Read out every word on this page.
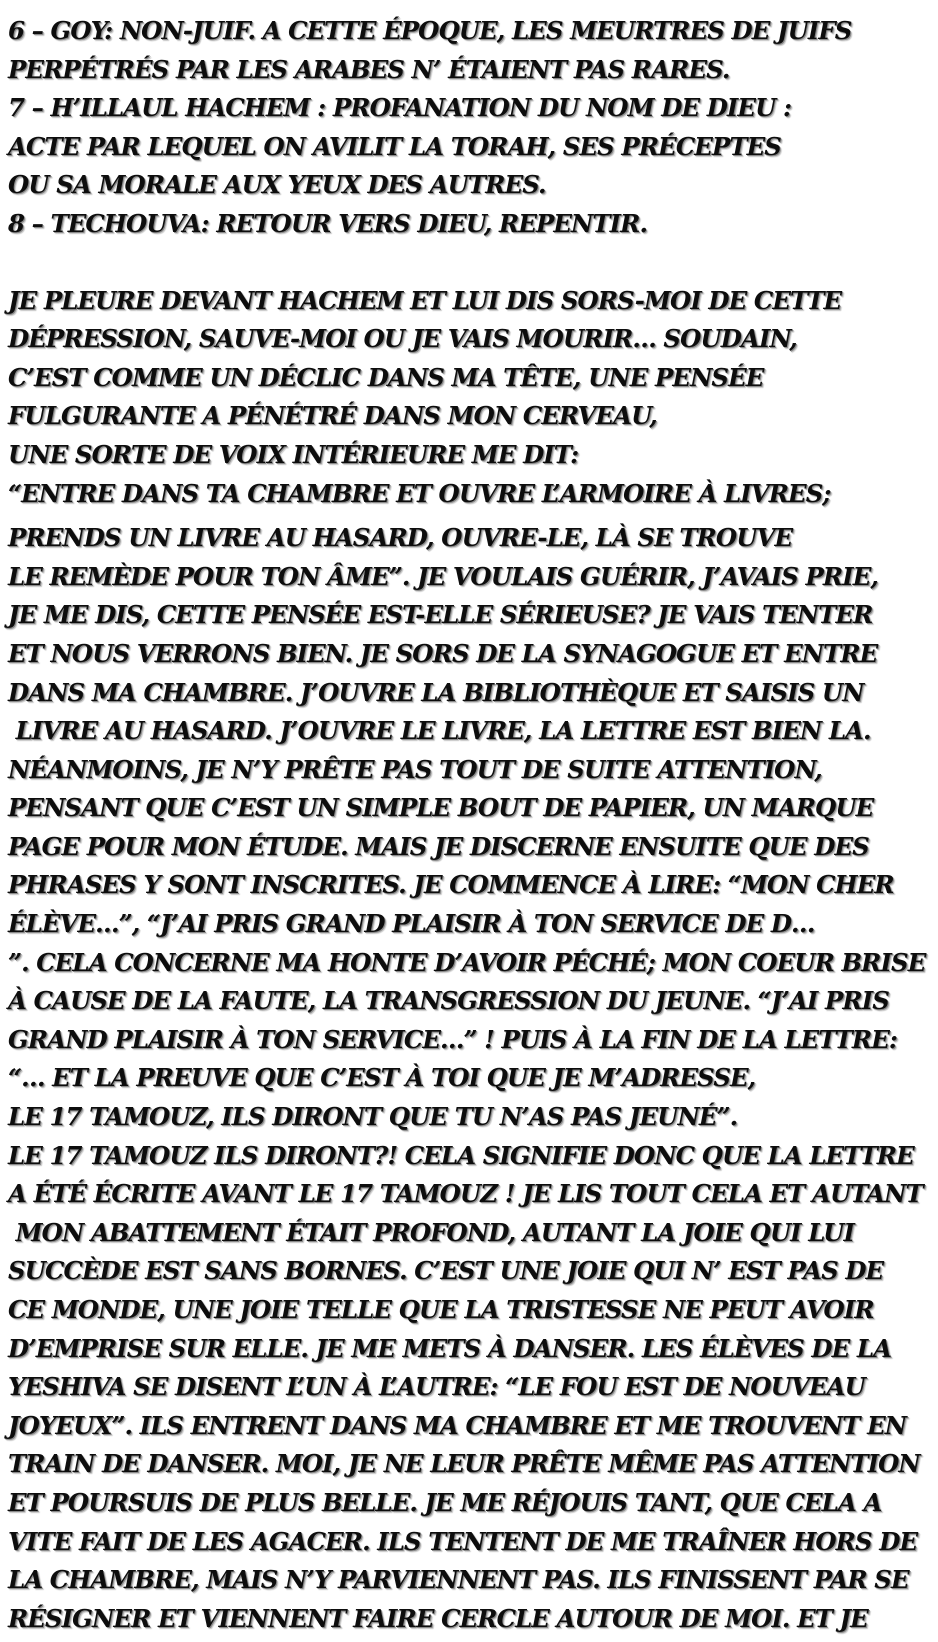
6 – GOY: NON-JUIF. A CETTE ÉPOQUE, LES MEURTRES DE JUIFS
PERPÉTRÉS PAR LES ARABES N’ ÉTAIENT PAS RARES.
7 – H’ILLAUL HACHEM : PROFANATION DU NOM DE DIEU :
ACTE PAR LEQUEL ON AVILIT LA TORAH, SES PRÉCEPTES
OU SA MORALE AUX YEUX DES AUTRES.
8 – TECHOUVA: RETOUR VERS DIEU, REPENTIR.
JE PLEURE DEVANT HACHEM ET LUI DIS SORS-MOI DE CETTE
DÉPRESSION, SAUVE-MOI OU JE VAIS MOURIR… SOUDAIN,
C’EST COMME UN DÉCLIC DANS MA TÊTE, UNE PENSÉE
FULGURANTE A PÉNÉTRÉ DANS MON CERVEAU,
UNE SORTE DE VOIX INTÉRIEURE ME DIT:
“ENTRE DANS TA CHAMBRE ET OUVRE L’ARMOIRE À LIVRES;
PRENDS UN LIVRE AU HASARD, OUVRE-LE, LÀ SE TROUVE
LE REMÈDE POUR TON ÂME”. JE VOULAIS GUÉRIR, J’AVAIS PRIE,
JE ME DIS, CETTE PENSÉE EST-ELLE SÉRIEUSE? JE VAIS TENTER
ET NOUS VERRONS BIEN. JE SORS DE LA SYNAGOGUE ET ENTRE
DANS MA CHAMBRE. J’OUVRE LA BIBLIOTHÈQUE ET SAISIS UN
LIVRE AU HASARD. J’OUVRE LE LIVRE, LA LETTRE EST BIEN LA.
NÉANMOINS, JE N’Y PRÊTE PAS TOUT DE SUITE ATTENTION,
PENSANT QUE C’EST UN SIMPLE BOUT DE PAPIER, UN MARQUE
PAGE POUR MON ÉTUDE. MAIS JE DISCERNE ENSUITE QUE DES
PHRASES Y SONT INSCRITES. JE COMMENCE À LIRE: “MON CHER
ÉLÈVE…”, “J’AI PRIS GRAND PLAISIR À TON SERVICE DE D…
”. CELA CONCERNE MA HONTE D’AVOIR PÉCHÉ; MON COEUR BRISE
À CAUSE DE LA FAUTE, LA TRANSGRESSION DU JEUNE. “J’AI PRIS
GRAND PLAISIR À TON SERVICE…” ! PUIS À LA FIN DE LA LETTRE:
“… ET LA PREUVE QUE C’EST À TOI QUE JE M’ADRESSE,
LE 17 TAMOUZ, ILS DIRONT QUE TU N’AS PAS JEUNÉ”.
LE 17 TAMOUZ ILS DIRONT?! CELA SIGNIFIE DONC QUE LA LETTRE
A ÉTÉ ÉCRITE AVANT LE 17 TAMOUZ ! JE LIS TOUT CELA ET AUTANT
MON ABATTEMENT ÉTAIT PROFOND, AUTANT LA JOIE QUI LUI
SUCCÈDE EST SANS BORNES. C’EST UNE JOIE QUI N’ EST PAS DE
CE MONDE, UNE JOIE TELLE QUE LA TRISTESSE NE PEUT AVOIR
D’EMPRISE SUR ELLE. JE ME METS À DANSER. LES ÉLÈVES DE LA
YESHIVA SE DISENT L’UN À L’AUTRE: “LE FOU EST DE NOUVEAU
JOYEUX”. ILS ENTRENT DANS MA CHAMBRE ET ME TROUVENT EN
TRAIN DE DANSER. MOI, JE NE LEUR PRÊTE MÊME PAS ATTENTION
ET POURSUIS DE PLUS BELLE. JE ME RÉJOUIS TANT, QUE CELA A
VITE FAIT DE LES AGACER. ILS TENTENT DE ME TRAÎNER HORS DE
LA CHAMBRE, MAIS N’Y PARVIENNENT PAS. ILS FINISSENT PAR SE
RÉSIGNER ET VIENNENT FAIRE CERCLE AUTOUR DE MOI. ET JE
